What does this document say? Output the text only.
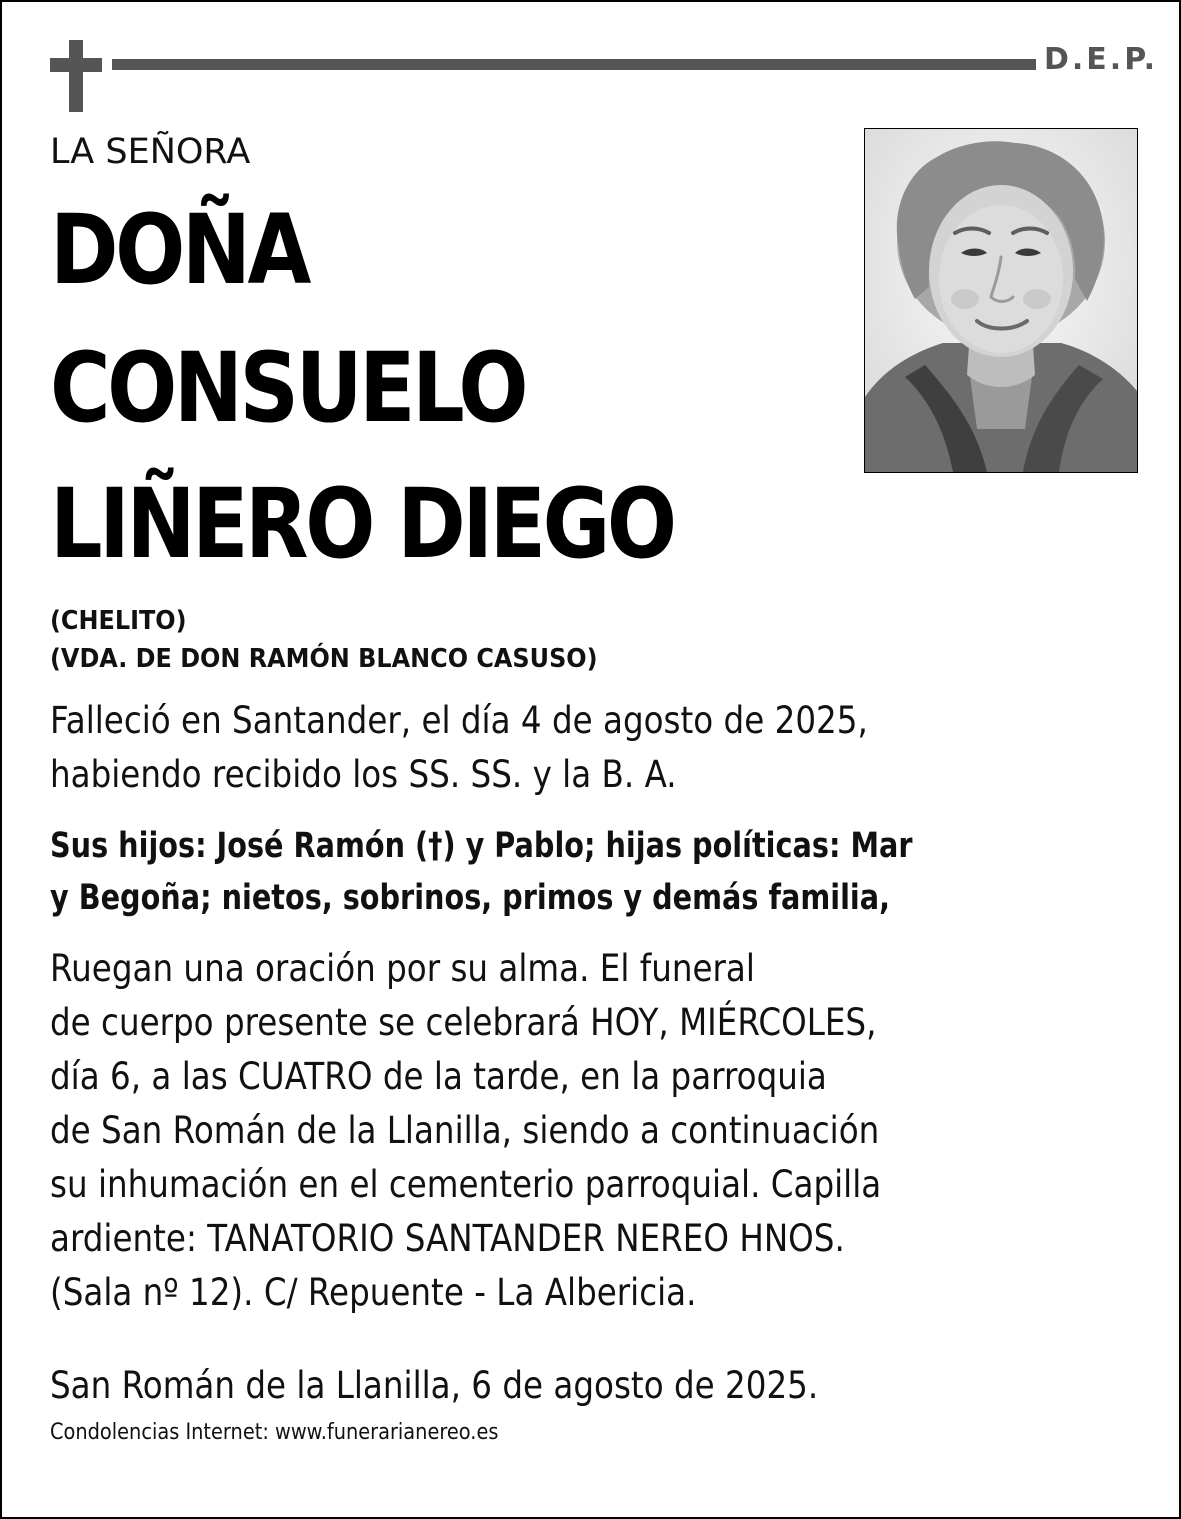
D.E.P.
LA SEÑORA
DOÑA
CONSUELO
LIÑERO DIEGO
(CHELITO)
(VDA. DE DON RAMÓN BLANCO CASUSO)
Falleció en Santander, el día 4 de agosto de 2025,
habiendo recibido los SS. SS. y la B. A.
Sus hijos: José Ramón (†) y Pablo; hijas políticas: Mar
y Begoña; nietos, sobrinos, primos y demás familia,
Ruegan una oración por su alma. El funeral
de cuerpo presente se celebrará HOY, MIÉRCOLES,
día 6, a las CUATRO de la tarde, en la parroquia
de San Román de la Llanilla, siendo a continuación
su inhumación en el cementerio parroquial. Capilla
ardiente: TANATORIO SANTANDER NEREO HNOS.
(Sala nº 12). C/ Repuente - La Albericia.
San Román de la Llanilla, 6 de agosto de 2025.
Condolencias Internet: www.funerarianereo.es
